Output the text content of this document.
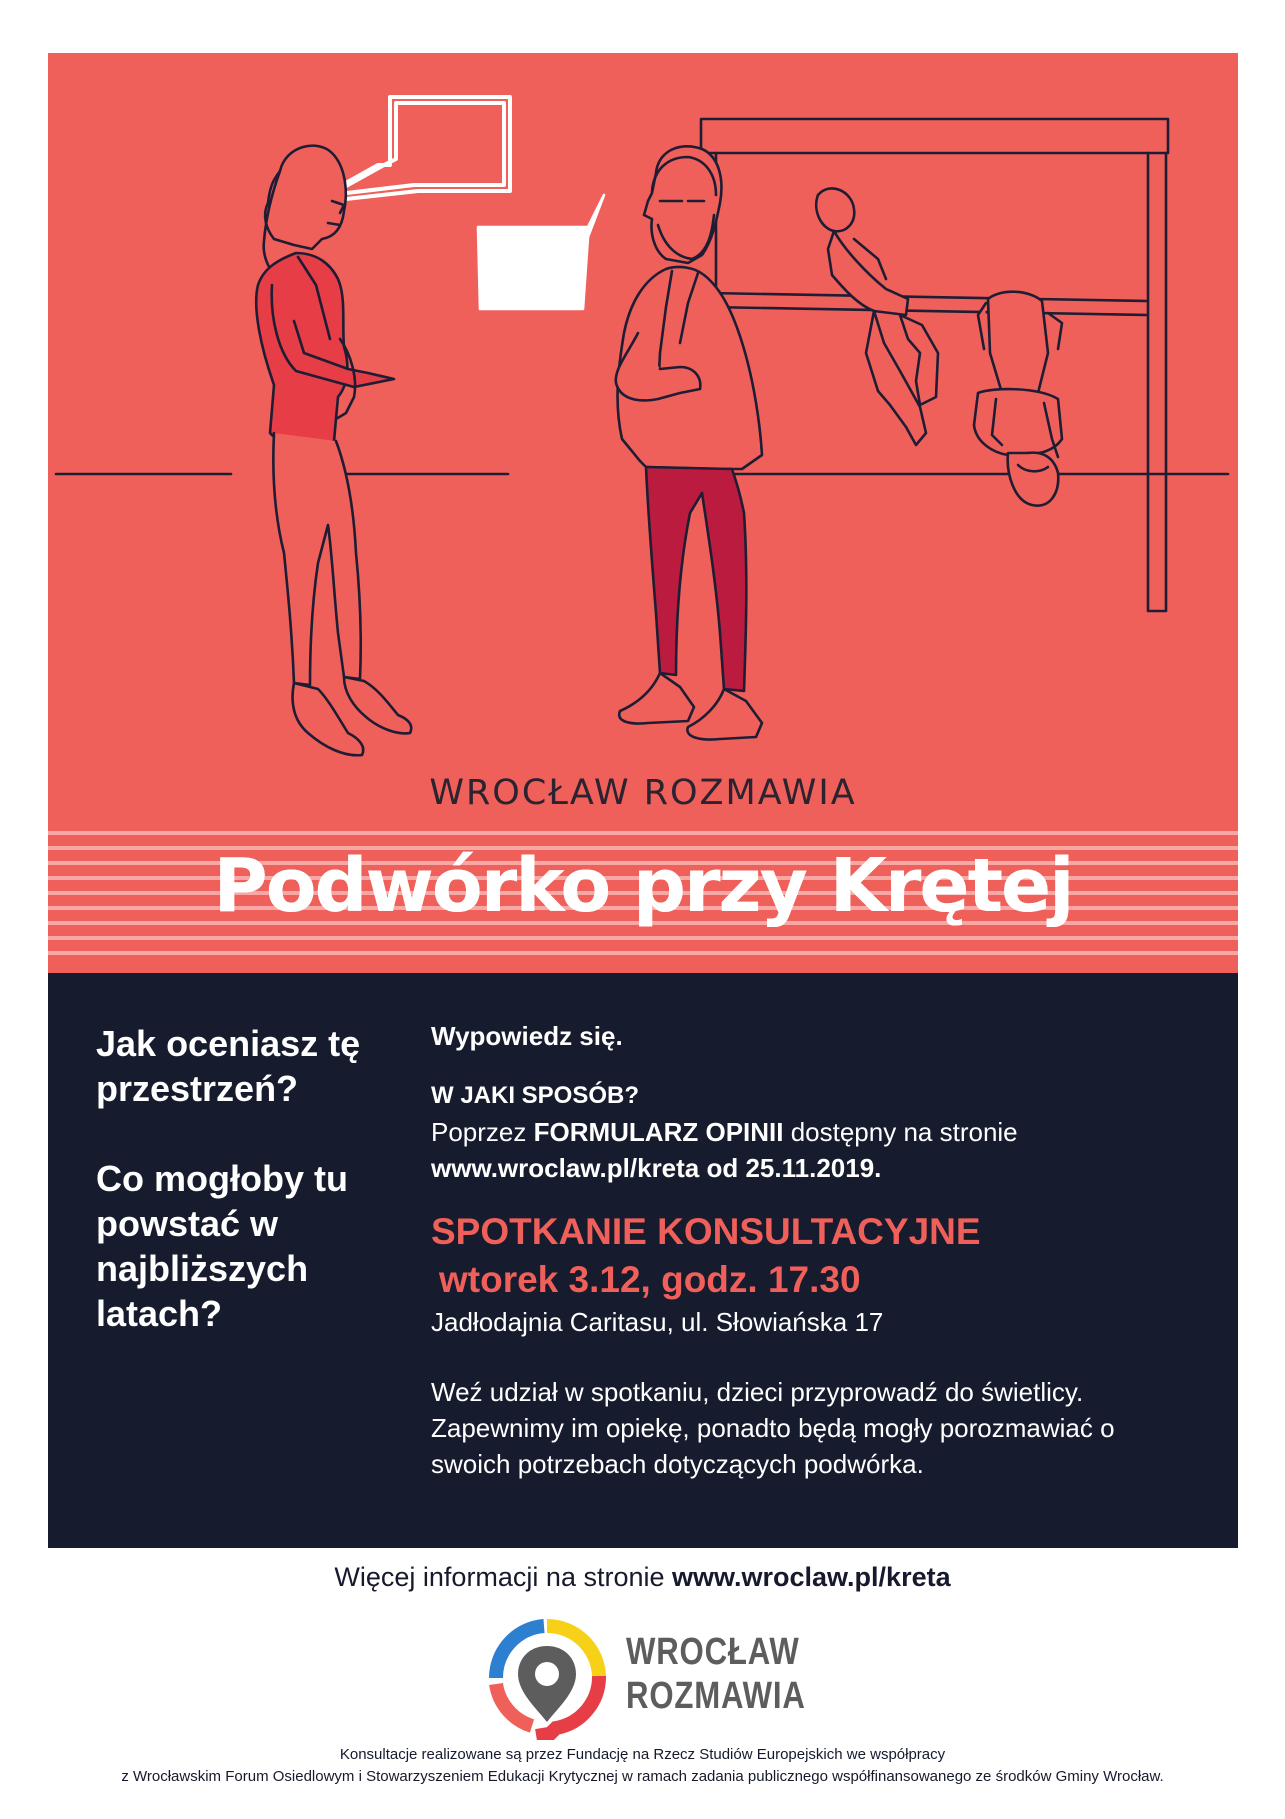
WROCŁAW ROZMAWIA
Podwórko przy Krętej

Jak oceniasz tę przestrzeń?

Co mogłoby tu powstać w najbliższych latach?

Wypowiedz się.

W JAKI SPOSÓB?

Poprzez FORMULARZ OPINII dostępny na stronie

www.wroclaw.pl/kreta od 25.11.2019.

SPOTKANIE KONSULTACYJNE

wtorek 3.12, godz. 17.30

Jadłodajnia Caritasu, ul. Słowiańska 17

Weź udział w spotkaniu, dzieci przyprowadź do świetlicy. Zapewnimy im opiekę, ponadto będą mogły porozmawiać o swoich potrzebach dotyczących podwórka.

Więcej informacji na stronie www.wroclaw.pl/kreta

WROCŁAW
ROZMAWIA

Konsultacje realizowane są przez Fundację na Rzecz Studiów Europejskich we współpracy

z Wrocławskim Forum Osiedlowym i Stowarzyszeniem Edukacji Krytycznej w ramach zadania publicznego współfinansowanego ze środków Gminy Wrocław.
